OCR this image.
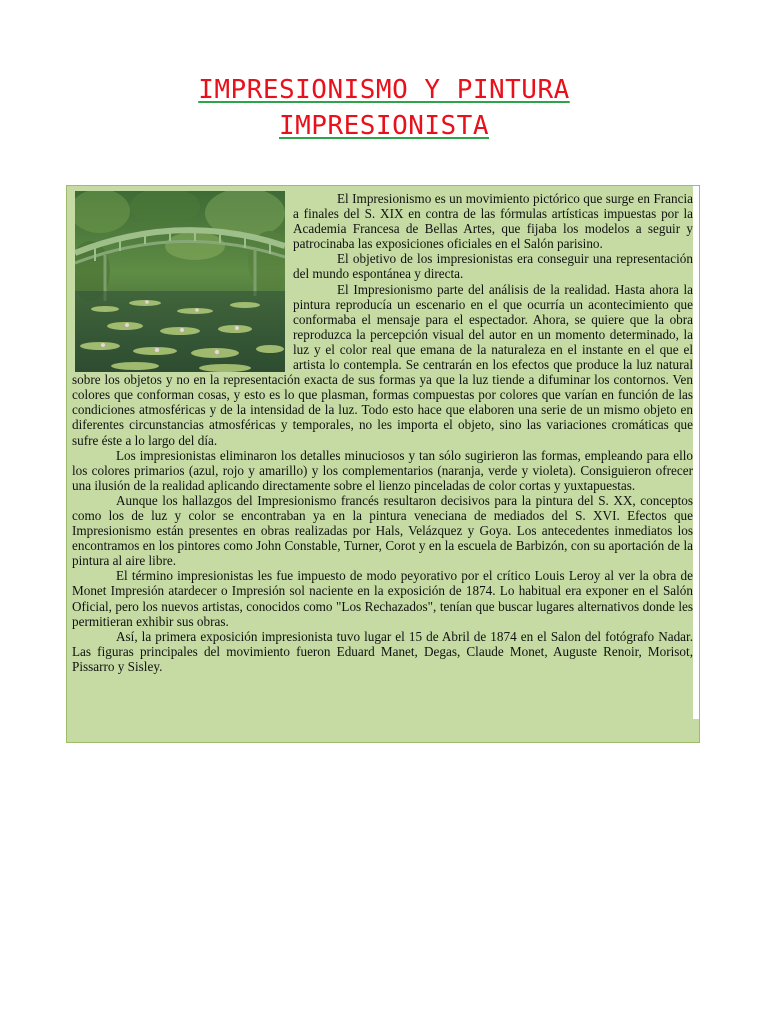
IMPRESIONISMO Y PINTURA
IMPRESIONISTA

El Impresionismo es un movimiento pictórico que surge en Francia a finales del S. XIX en contra de las fórmulas artísticas impuestas por la Academia Francesa de Bellas Artes, que fijaba los modelos a seguir y patrocinaba las exposiciones oficiales en el Salón parisino.

El objetivo de los impresionistas era conseguir una representación del mundo espontánea y directa.

El Impresionismo parte del análisis de la realidad. Hasta ahora la pintura reproducía un escenario en el que ocurría un acontecimiento que conformaba el mensaje para el espectador. Ahora, se quiere que la obra reproduzca la percepción visual del autor en un momento determinado, la luz y el color real que emana de la naturaleza en el instante en el que el artista lo contempla. Se centrarán en los efectos que produce la luz natural sobre los objetos y no en la representación exacta de sus formas ya que la luz tiende a difuminar los contornos. Ven colores que conforman cosas, y esto es lo que plasman, formas compuestas por colores que varían en función de las condiciones atmosféricas y de la intensidad de la luz. Todo esto hace que elaboren una serie de un mismo objeto en diferentes circunstancias atmosféricas y temporales, no les importa el objeto, sino las variaciones cromáticas que sufre éste a lo largo del día.

Los impresionistas eliminaron los detalles minuciosos y tan sólo sugirieron las formas, empleando para ello los colores primarios (azul, rojo y amarillo) y los complementarios (naranja, verde y violeta). Consiguieron ofrecer una ilusión de la realidad aplicando directamente sobre el lienzo pinceladas de color cortas y yuxtapuestas.

Aunque los hallazgos del Impresionismo francés resultaron decisivos para la pintura del S. XX, conceptos como los de luz y color se encontraban ya en la pintura veneciana de mediados del S. XVI. Efectos que Impresionismo están presentes en obras realizadas por Hals, Velázquez y Goya. Los antecedentes inmediatos los encontramos en los pintores como John Constable, Turner, Corot y en la escuela de Barbizón, con su aportación de la pintura al aire libre.

El término impresionistas les fue impuesto de modo peyorativo por el crítico Louis Leroy al ver la obra de Monet Impresión atardecer o Impresión sol naciente en la exposición de 1874. Lo habitual era exponer en el Salón Oficial, pero los nuevos artistas, conocidos como "Los Rechazados", tenían que buscar lugares alternativos donde les permitieran exhibir sus obras.

Así, la primera exposición impresionista tuvo lugar el 15 de Abril de 1874 en el Salon del fotógrafo Nadar. Las figuras principales del movimiento fueron Eduard Manet, Degas, Claude Monet, Auguste Renoir, Morisot, Pissarro y Sisley.
